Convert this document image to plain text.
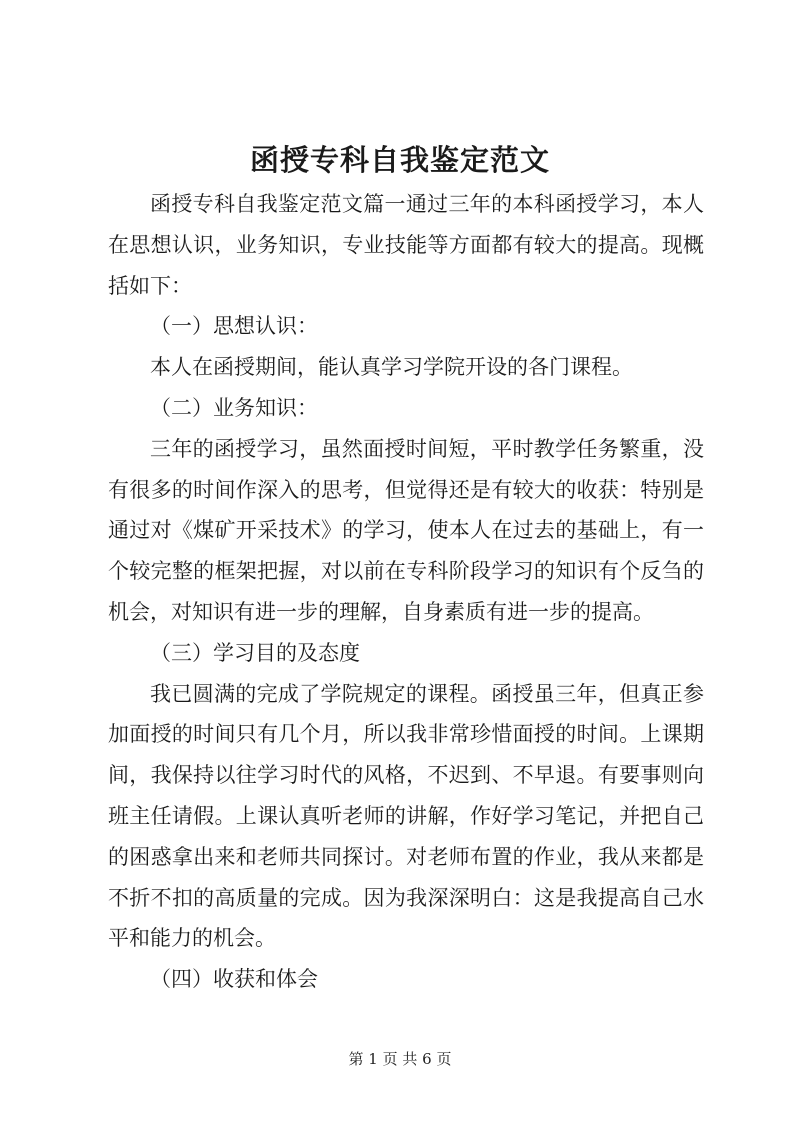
函授专科自我鉴定范文

函授专科自我鉴定范文篇一通过三年的本科函授学习，本人在思想认识，业务知识，专业技能等方面都有较大的提高。现概括如下：

（一）思想认识：

本人在函授期间，能认真学习学院开设的各门课程。

（二）业务知识：

三年的函授学习，虽然面授时间短，平时教学任务繁重，没有很多的时间作深入的思考，但觉得还是有较大的收获：特别是通过对《煤矿开采技术》的学习，使本人在过去的基础上，有一个较完整的框架把握，对以前在专科阶段学习的知识有个反刍的机会，对知识有进一步的理解，自身素质有进一步的提高。

（三）学习目的及态度

我已圆满的完成了学院规定的课程。函授虽三年，但真正参加面授的时间只有几个月，所以我非常珍惜面授的时间。上课期间，我保持以往学习时代的风格，不迟到、不早退。有要事则向班主任请假。上课认真听老师的讲解，作好学习笔记，并把自己的困惑拿出来和老师共同探讨。对老师布置的作业，我从来都是不折不扣的高质量的完成。因为我深深明白：这是我提高自己水平和能力的机会。

（四）收获和体会

第 1 页 共 6 页
